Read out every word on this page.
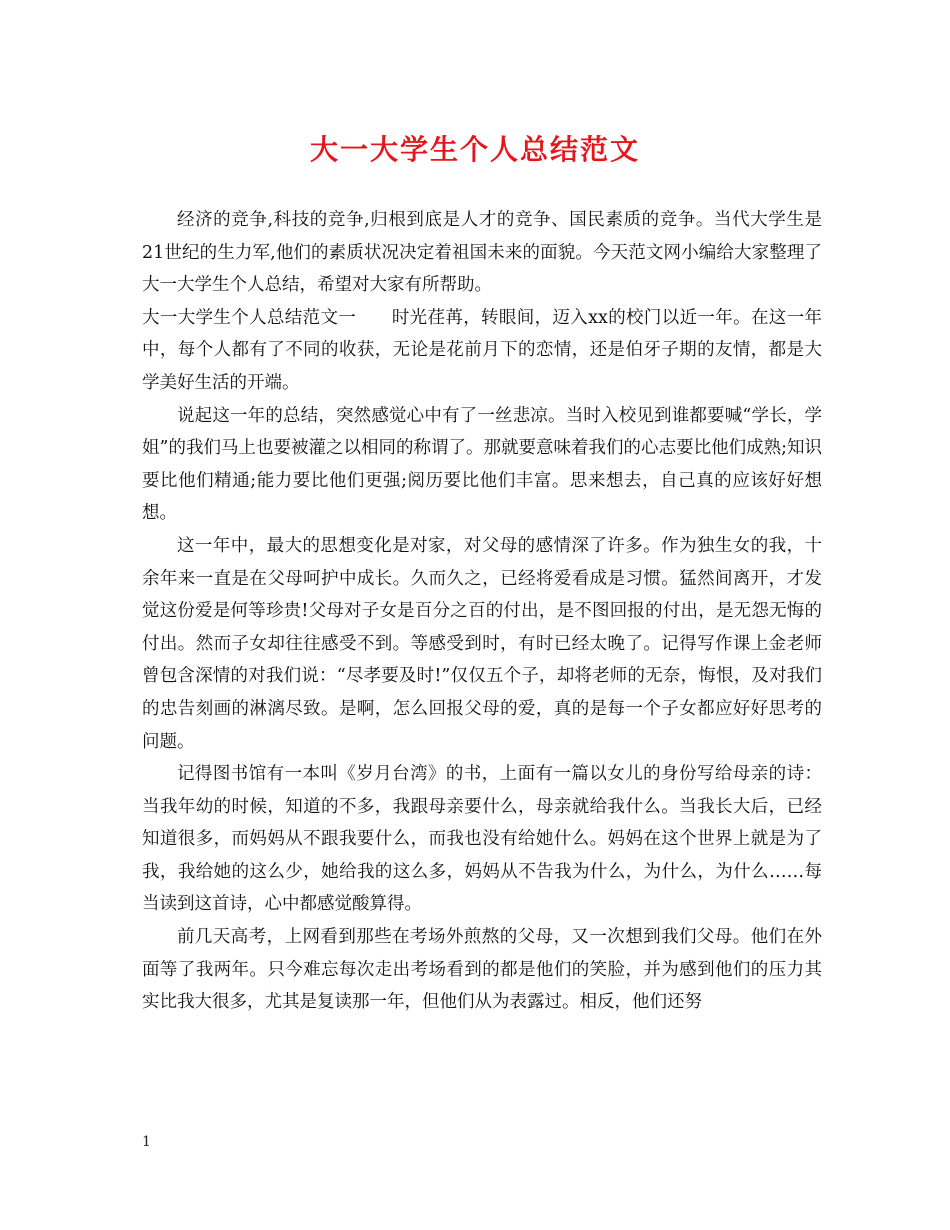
大一大学生个人总结范文

经济的竞争,科技的竞争,归根到底是人才的竞争、国民素质的竞争。当代大学生是21世纪的生力军,他们的素质状况决定着祖国未来的面貌。今天范文网小编给大家整理了大一大学生个人总结，希望对大家有所帮助。

大一大学生个人总结范文一　　时光荏苒，转眼间，迈入xx的校门以近一年。在这一年中，每个人都有了不同的收获，无论是花前月下的恋情，还是伯牙子期的友情，都是大学美好生活的开端。

说起这一年的总结，突然感觉心中有了一丝悲凉。当时入校见到谁都要喊“学长，学姐”的我们马上也要被灌之以相同的称谓了。那就要意味着我们的心志要比他们成熟;知识要比他们精通;能力要比他们更强;阅历要比他们丰富。思来想去，自己真的应该好好想想。

这一年中，最大的思想变化是对家，对父母的感情深了许多。作为独生女的我，十余年来一直是在父母呵护中成长。久而久之，已经将爱看成是习惯。猛然间离开，才发觉这份爱是何等珍贵!父母对子女是百分之百的付出，是不图回报的付出，是无怨无悔的付出。然而子女却往往感受不到。等感受到时，有时已经太晚了。记得写作课上金老师曾包含深情的对我们说：“尽孝要及时!”仅仅五个子，却将老师的无奈，悔恨，及对我们的忠告刻画的淋漓尽致。是啊，怎么回报父母的爱，真的是每一个子女都应好好思考的问题。

记得图书馆有一本叫《岁月台湾》的书，上面有一篇以女儿的身份写给母亲的诗：当我年幼的时候，知道的不多，我跟母亲要什么，母亲就给我什么。当我长大后，已经知道很多，而妈妈从不跟我要什么，而我也没有给她什么。妈妈在这个世界上就是为了我，我给她的这么少，她给我的这么多，妈妈从不告我为什么，为什么，为什么……每当读到这首诗，心中都感觉酸算得。

前几天高考，上网看到那些在考场外煎熬的父母，又一次想到我们父母。他们在外面等了我两年。只今难忘每次走出考场看到的都是他们的笑脸，并为感到他们的压力其实比我大很多，尤其是复读那一年，但他们从为表露过。相反，他们还努

1
